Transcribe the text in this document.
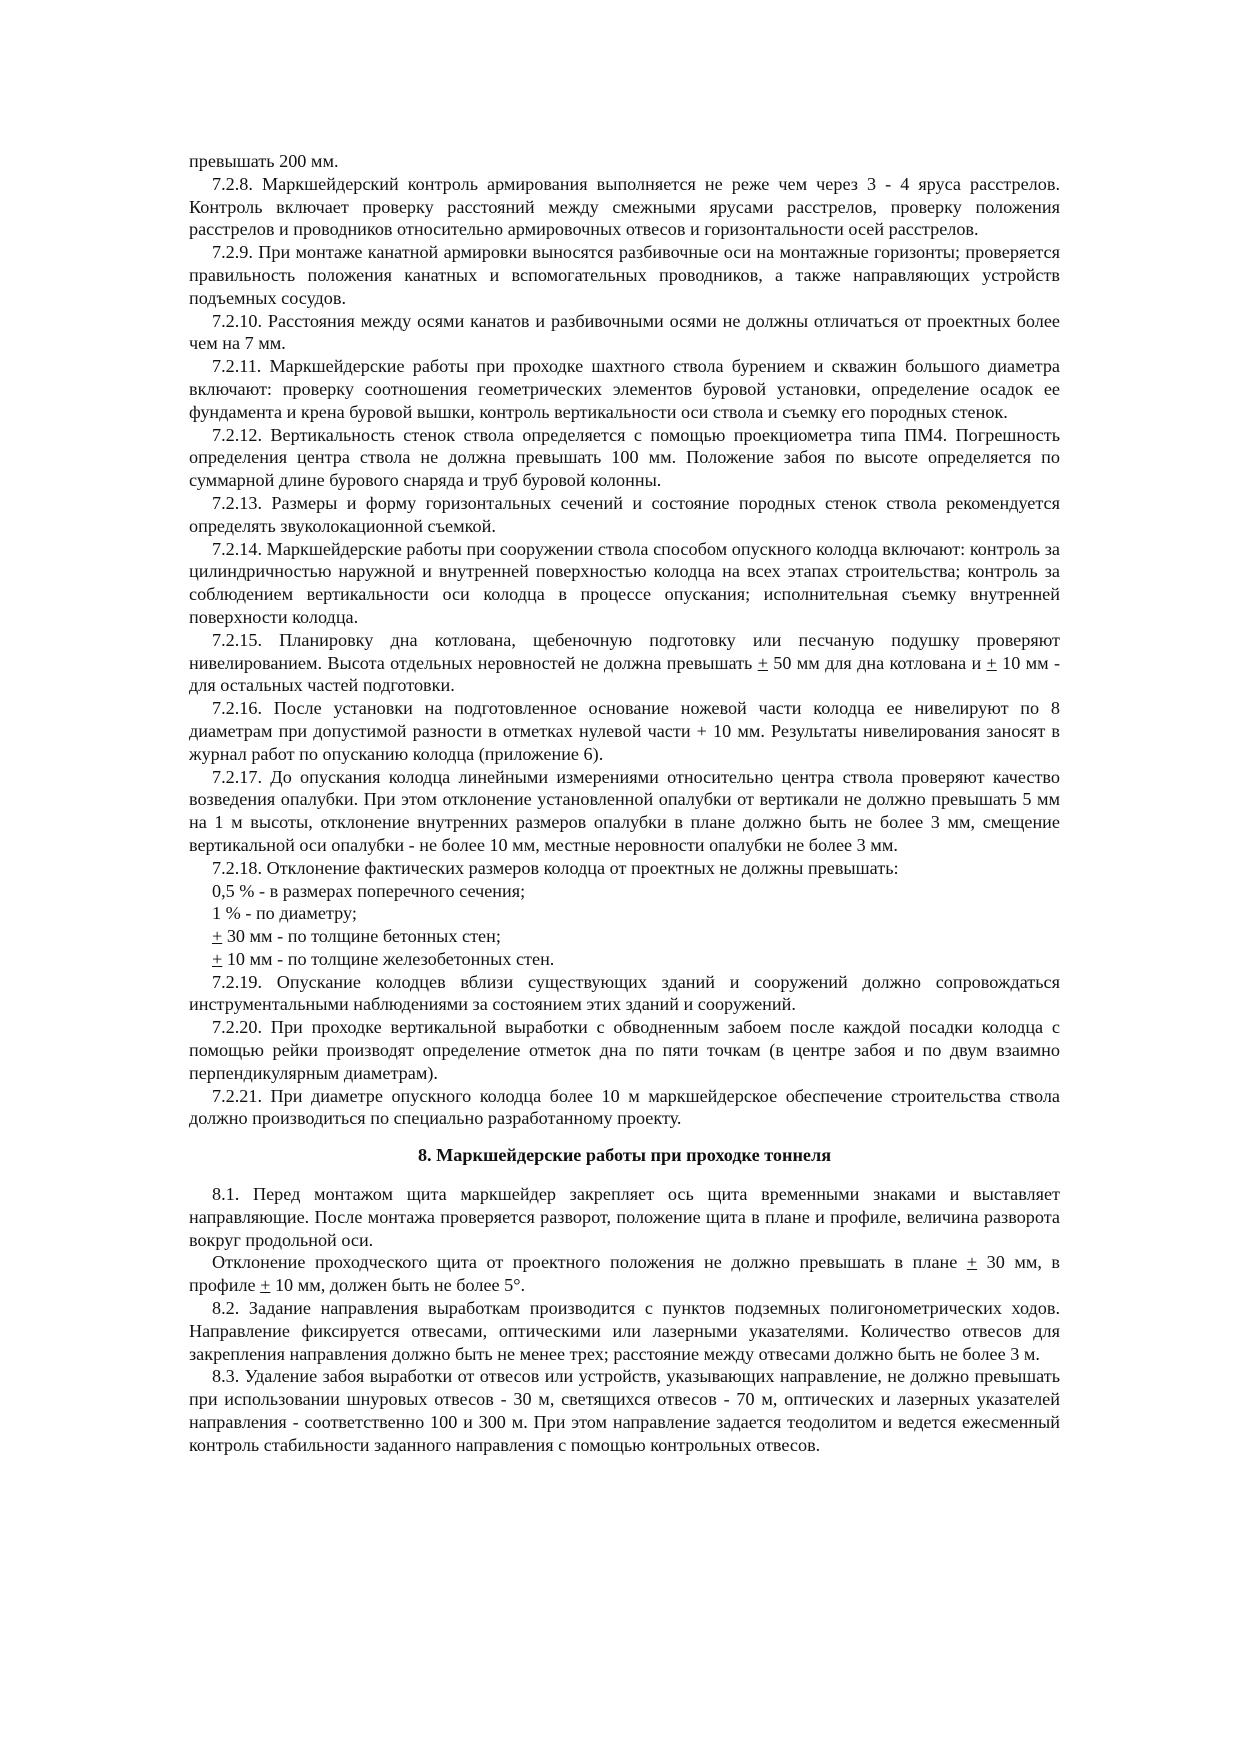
превышать 200 мм.

7.2.8. Маркшейдерский контроль армирования выполняется не реже чем через 3 - 4 яруса расстрелов. Контроль включает проверку расстояний между смежными ярусами расстрелов, проверку положения расстрелов и проводников относительно армировочных отвесов и горизонтальности осей расстрелов.

7.2.9. При монтаже канатной армировки выносятся разбивочные оси на монтажные горизонты; проверяется правильность положения канатных и вспомогательных проводников, а также направляющих устройств подъемных сосудов.

7.2.10. Расстояния между осями канатов и разбивочными осями не должны отличаться от проектных более чем на 7 мм.

7.2.11. Маркшейдерские работы при проходке шахтного ствола бурением и скважин большого диаметра включают: проверку соотношения геометрических элементов буровой установки, определение осадок ее фундамента и крена буровой вышки, контроль вертикальности оси ствола и съемку его породных стенок.

7.2.12. Вертикальность стенок ствола определяется с помощью проекциометра типа ПМ4. Погрешность определения центра ствола не должна превышать 100 мм. Положение забоя по высоте определяется по суммарной длине бурового снаряда и труб буровой колонны.

7.2.13. Размеры и форму горизонтальных сечений и состояние породных стенок ствола рекомендуется определять звуколокационной съемкой.

7.2.14. Маркшейдерские работы при сооружении ствола способом опускного колодца включают: контроль за цилиндричностью наружной и внутренней поверхностью колодца на всех этапах строительства; контроль за соблюдением вертикальности оси колодца в процессе опускания; исполнительная съемку внутренней поверхности колодца.

7.2.15. Планировку дна котлована, щебеночную подготовку или песчаную подушку проверяют нивелированием. Высота отдельных неровностей не должна превышать + 50 мм для дна котлована и + 10 мм - для остальных частей подготовки.

7.2.16. После установки на подготовленное основание ножевой части колодца ее нивелируют по 8 диаметрам при допустимой разности в отметках нулевой части + 10 мм. Результаты нивелирования заносят в журнал работ по опусканию колодца (приложение 6).

7.2.17. До опускания колодца линейными измерениями относительно центра ствола проверяют качество возведения опалубки. При этом отклонение установленной опалубки от вертикали не должно превышать 5 мм на 1 м высоты, отклонение внутренних размеров опалубки в плане должно быть не более 3 мм, смещение вертикальной оси опалубки - не более 10 мм, местные неровности опалубки не более 3 мм.

7.2.18. Отклонение фактических размеров колодца от проектных не должны превышать:

0,5 % - в размерах поперечного сечения;

1 % - по диаметру;

+ 30 мм - по толщине бетонных стен;

+ 10 мм - по толщине железобетонных стен.

7.2.19. Опускание колодцев вблизи существующих зданий и сооружений должно сопровождаться инструментальными наблюдениями за состоянием этих зданий и сооружений.

7.2.20. При проходке вертикальной выработки с обводненным забоем после каждой посадки колодца с помощью рейки производят определение отметок дна по пяти точкам (в центре забоя и по двум взаимно перпендикулярным диаметрам).

7.2.21. При диаметре опускного колодца более 10 м маркшейдерское обеспечение строительства ствола должно производиться по специально разработанному проекту.

8. Маркшейдерские работы при проходке тоннеля

8.1. Перед монтажом щита маркшейдер закрепляет ось щита временными знаками и выставляет направляющие. После монтажа проверяется разворот, положение щита в плане и профиле, величина разворота вокруг продольной оси.

Отклонение проходческого щита от проектного положения не должно превышать в плане + 30 мм, в профиле + 10 мм, должен быть не более 5°.

8.2. Задание направления выработкам производится с пунктов подземных полигонометрических ходов. Направление фиксируется отвесами, оптическими или лазерными указателями. Количество отвесов для закрепления направления должно быть не менее трех; расстояние между отвесами должно быть не более 3 м.

8.3. Удаление забоя выработки от отвесов или устройств, указывающих направление, не должно превышать при использовании шнуровых отвесов - 30 м, светящихся отвесов - 70 м, оптических и лазерных указателей направления - соответственно 100 и 300 м. При этом направление задается теодолитом и ведется ежесменный контроль стабильности заданного направления с помощью контрольных отвесов.
